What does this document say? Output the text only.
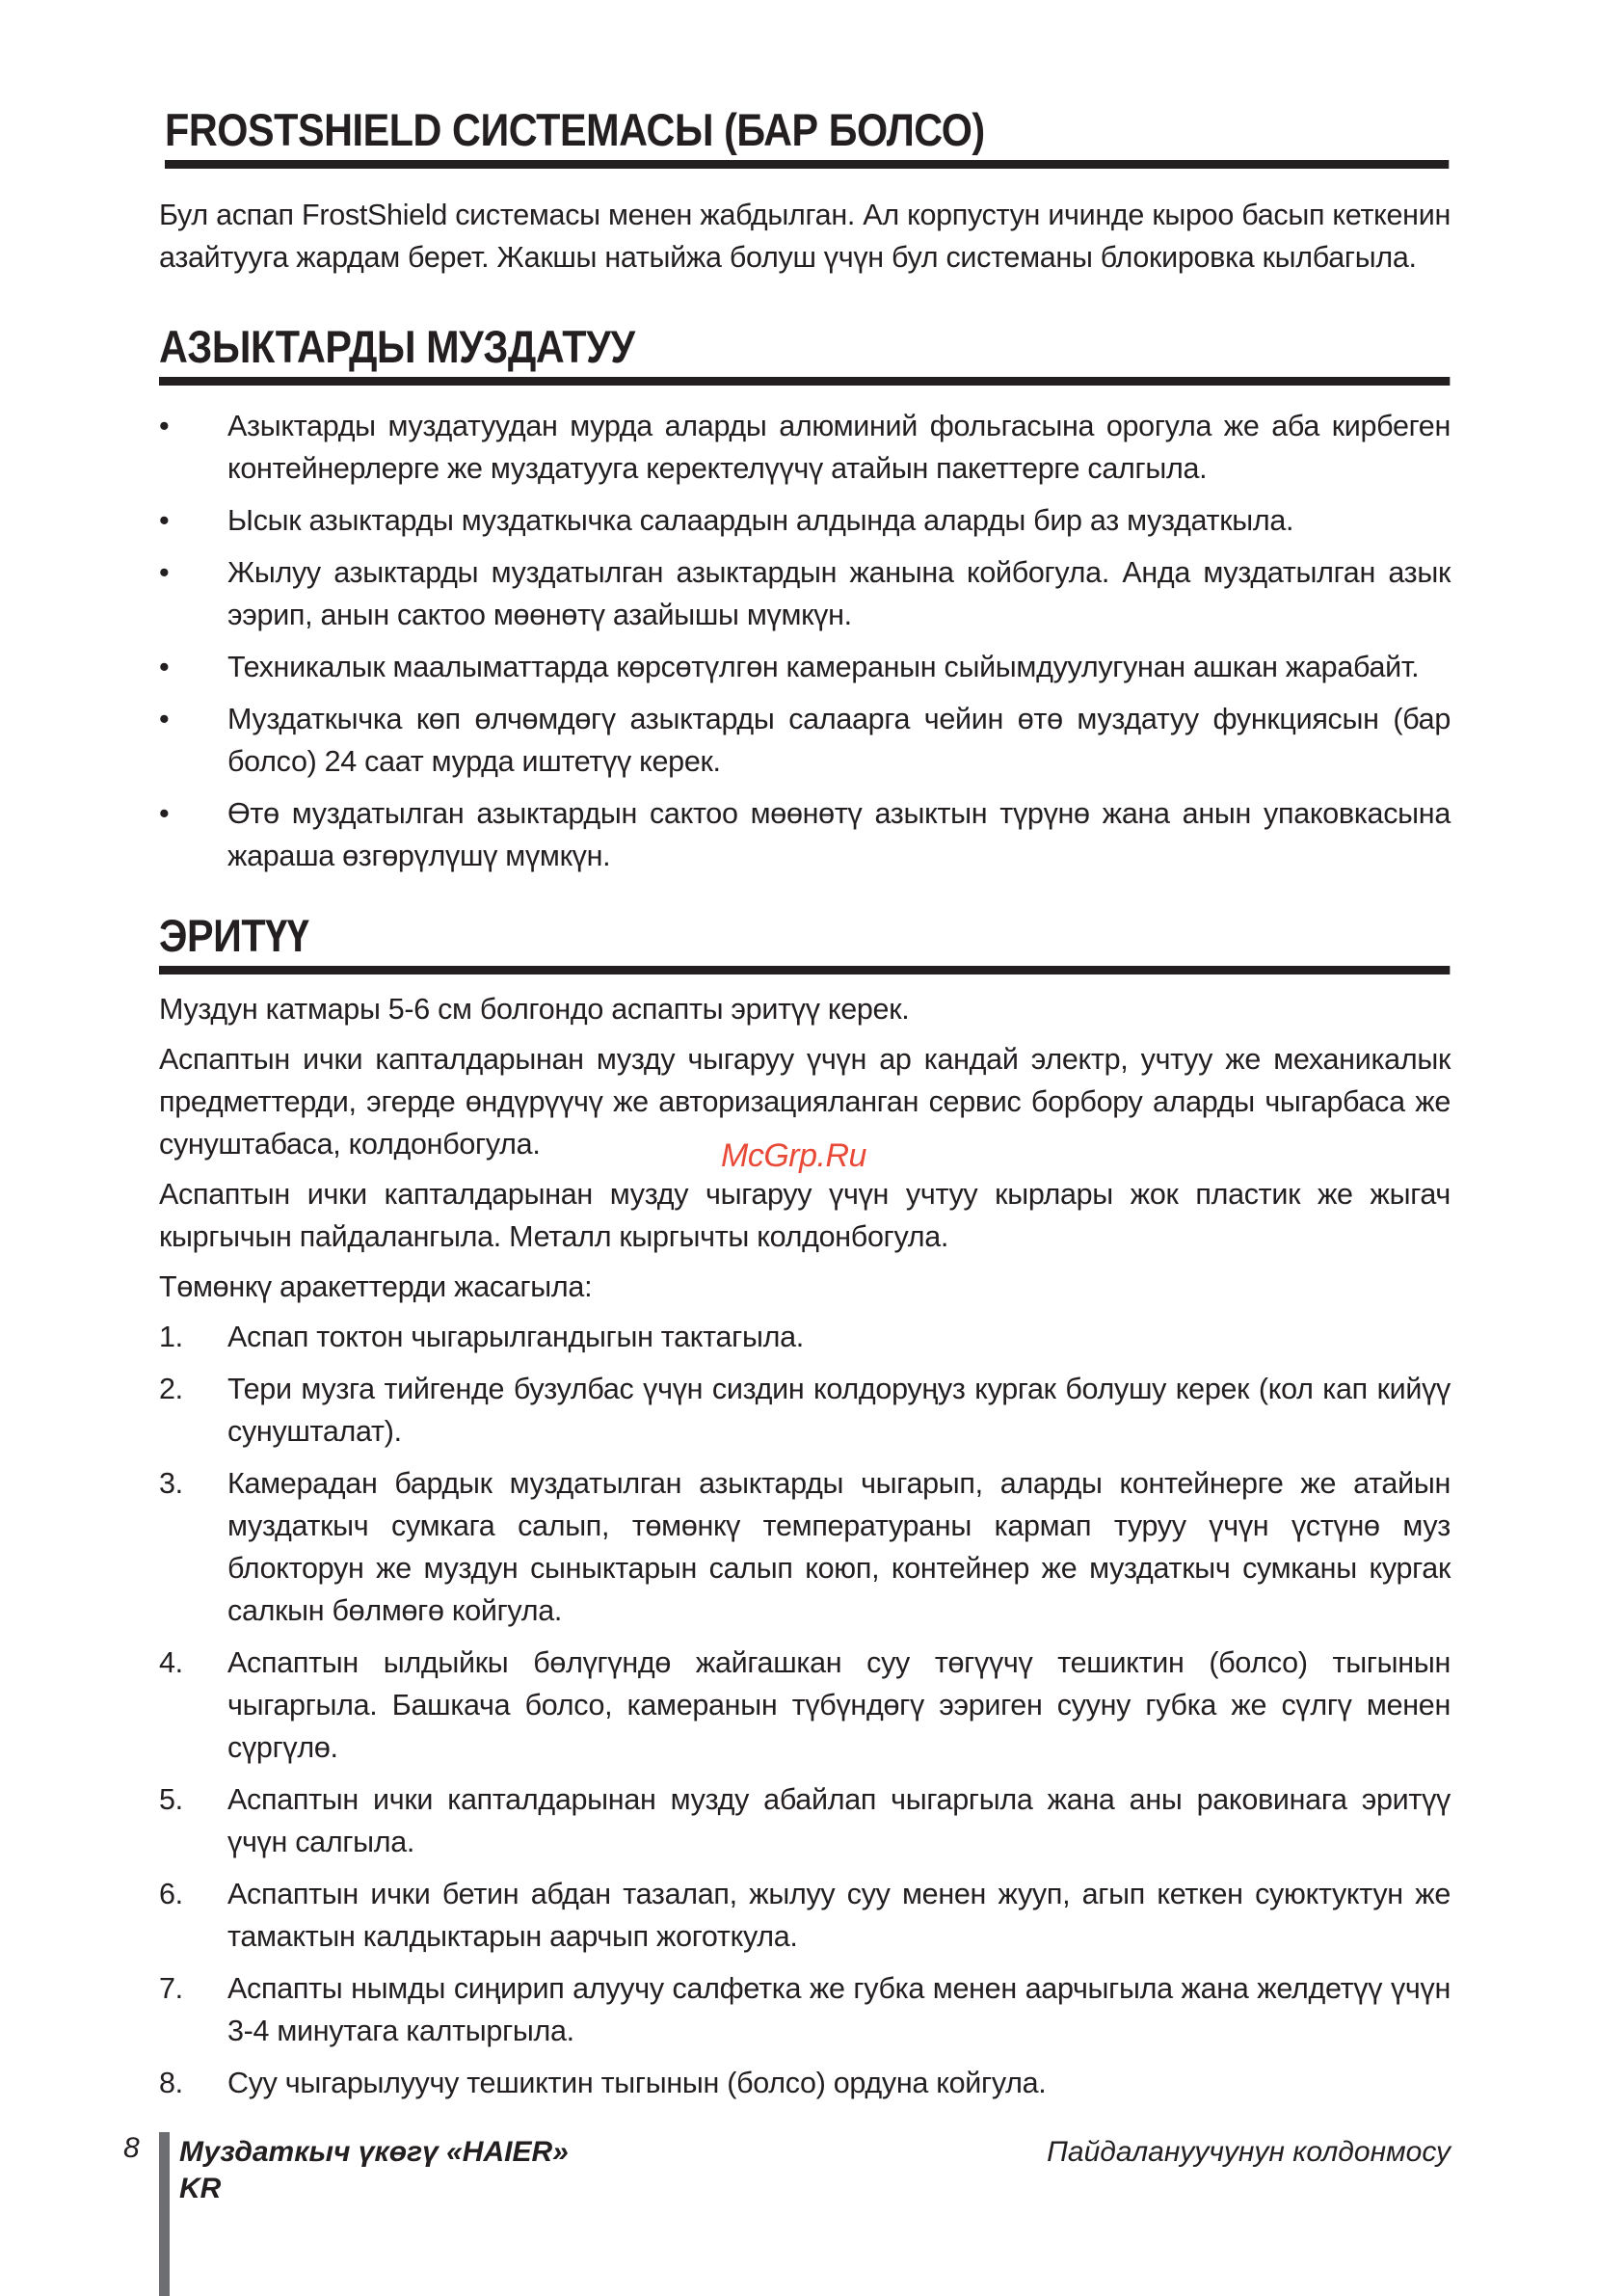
FROSTSHIELD СИСТЕМАСЫ (БАР БОЛСО)

Бул аспап FrostShield системасы менен жабдылган. Ал корпустун ичинде кыроо басып кеткенин азайтууга жардам берет. Жакшы натыйжа болуш үчүн бул системаны блокировка кылбагыла.

АЗЫКТАРДЫ МУЗДАТУУ
• Азыктарды муздатуудан мурда аларды алюминий фольгасына орогула же аба кирбеген контейнерлерге же муздатууга керектелүүчү атайын пакеттерге салгыла.
• Ысык азыктарды муздаткычка салаардын алдында аларды бир аз муздаткыла.
• Жылуу азыктарды муздатылган азыктардын жанына койбогула. Анда муздатылган азык ээрип, анын сактоо мөөнөтү азайышы мүмкүн.
• Техникалык маалыматтарда көрсөтүлгөн камеранын сыйымдуулугунан ашкан жарабайт.
• Муздаткычка көп өлчөмдөгү азыктарды салаарга чейин өтө муздатуу функциясын (бар болсо) 24 саат мурда иштетүү керек.
• Өтө муздатылган азыктардын сактоо мөөнөтү азыктын түрүнө жана анын упаковкасына жараша өзгөрүлүшү мүмкүн.
ЭРИТҮҮ

Муздун катмары 5-6 см болгондо аспапты эритүү керек.

Аспаптын ички капталдарынан музду чыгаруу үчүн ар кандай электр, учтуу же механикалык предметтерди, эгерде өндүрүүчү же авторизацияланган сервис борбору аларды чыгарбаса же сунуштабаса, колдонбогула.

Аспаптын ички капталдарынан музду чыгаруу үчүн учтуу кырлары жок пластик же жыгач кыргычын пайдалангыла. Металл кыргычты колдонбогула.

Төмөнкү аракеттерди жасагыла:

1. Аспап токтон чыгарылгандыгын тактагыла.
2. Тери музга тийгенде бузулбас үчүн сиздин колдоруңуз кургак болушу керек (кол кап кийүү сунушталат).
3. Камерадан бардык муздатылган азыктарды чыгарып, аларды контейнерге же атайын муздаткыч сумкага салып, төмөнкү температураны кармап туруу үчүн үстүнө муз блокторун же муздун сыныктарын салып коюп, контейнер же муздаткыч сумканы кургак салкын бөлмөгө койгула.
4. Аспаптын ылдыйкы бөлүгүндө жайгашкан суу төгүүчү тешиктин (болсо) тыгынын чыгаргыла. Башкача болсо, камеранын түбүндөгү ээриген сууну губка же сүлгү менен сүргүлө.
5. Аспаптын ички капталдарынан музду абайлап чыгаргыла жана аны раковинага эритүү үчүн салгыла.
6. Аспаптын ички бетин абдан тазалап, жылуу суу менен жууп, агып кеткен суюктуктун же тамактын калдыктарын аарчып жоготкула.
7. Аспапты нымды сиңирип алуучу салфетка же губка менен аарчыгыла жана желдетүү үчүн 3-4 минутага калтыргыла.
8. Суу чыгарылуучу тешиктин тыгынын (болсо) ордуна койгула.
McGrp.Ru
8 Муздаткыч үкөгү «HAIER»
KR
Пайдалануучунун колдонмосу
